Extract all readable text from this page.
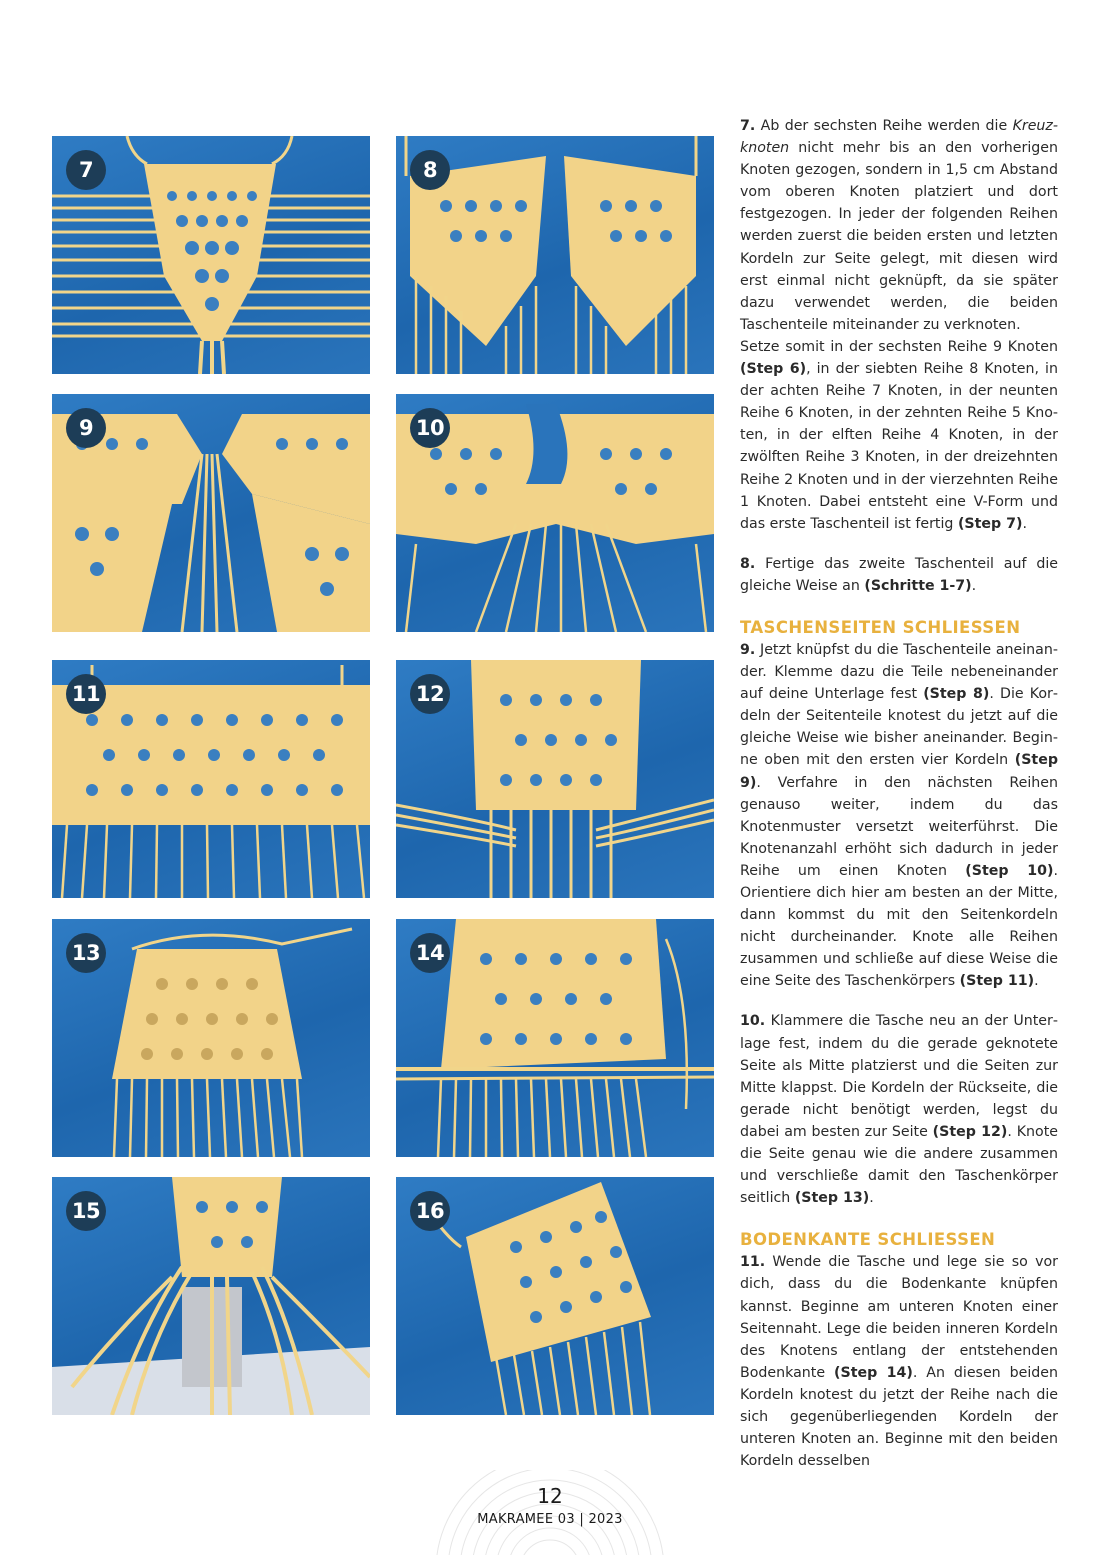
7	8
9	10
11	12
13	14
15	16

7. Ab der sechsten Reihe werden die Kreuzknoten nicht mehr bis an den vorherigen Knoten gezogen, sondern in 1,5 cm Abstand vom oberen Knoten platziert und dort festgezogen. In jeder der folgenden Reihen werden zuerst die beiden ersten und letzten Kordeln zur Seite gelegt, mit diesen wird erst einmal nicht geknüpft, da sie später dazu verwendet werden, die beiden Taschenteile miteinander zu verknoten.

Setze somit in der sechsten Reihe 9 Knoten (Step 6), in der siebten Reihe 8 Knoten, in der achten Reihe 7 Knoten, in der neunten Reihe 6 Knoten, in der zehnten Reihe 5 Knoten, in der elften Reihe 4 Knoten, in der zwölften Reihe 3 Knoten, in der dreizehnten Reihe 2 Knoten und in der vierzehnten Reihe 1 Knoten. Dabei entsteht eine V-Form und das erste Taschenteil ist fertig (Step 7).

8. Fertige das zweite Taschenteil auf die gleiche Weise an (Schritte 1-7).

TASCHENSEITEN SCHLIESSEN

9. Jetzt knüpfst du die Taschenteile aneinander. Klemme dazu die Teile nebeneinander auf deine Unterlage fest (Step 8). Die Kordeln der Seitenteile knotest du jetzt auf die gleiche Weise wie bisher aneinander. Beginne oben mit den ersten vier Kordeln (Step 9). Verfahre in den nächsten Reihen genauso weiter, indem du das Knotenmuster versetzt weiterführst. Die Knotenanzahl erhöht sich dadurch in jeder Reihe um einen Knoten (Step 10). Orientiere dich hier am besten an der Mitte, dann kommst du mit den Seitenkordeln nicht durcheinander. Knote alle Reihen zusammen und schließe auf diese Weise die eine Seite des Taschenkörpers (Step 11).

10. Klammere die Tasche neu an der Unterlage fest, indem du die gerade geknotete Seite als Mitte platzierst und die Seiten zur Mitte klappst. Die Kordeln der Rückseite, die gerade nicht benötigt werden, legst du dabei am besten zur Seite (Step 12). Knote die Seite genau wie die andere zusammen und verschließe damit den Taschenkörper seitlich (Step 13).

BODENKANTE SCHLIESSEN

11. Wende die Tasche und lege sie so vor dich, dass du die Bodenkante knüpfen kannst. Beginne am unteren Knoten einer Seitennaht. Lege die beiden inneren Kordeln des Knotens entlang der entstehenden Bodenkante (Step 14). An diesen beiden Kordeln knotest du jetzt der Reihe nach die sich gegenüberliegenden Kordeln der unteren Knoten an. Beginne mit den beiden Kordeln desselben

12
MAKRAMEE 03 | 2023
